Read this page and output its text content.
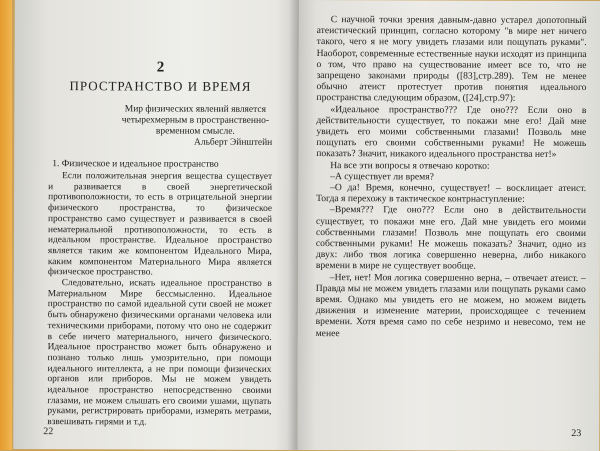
2

ПРОСТРАНСТВО И ВРЕМЯ

Мир физических явлений является четырехмерным в пространственно-временном смысле.
Альберт Эйнштейн
1. Физическое и идеальное пространство

Если положительная энергия вещества существует и развивается в своей энергетической противоположности, то есть в отрицательной энергии физического пространства, то физическое пространство само существует и развивается в своей нематериальной противоположности, то есть в идеальном пространстве. Идеальное пространство является таким же компонентом Идеального Мира, каким компонентом Материального Мира является физическое пространство.

Следовательно, искать идеальное пространство в Материальном Мире бессмысленно. Идеальное пространство по самой идеальной сути своей не может быть обнаружено физическими органами человека или техническими приборами, потому что оно не содержит в себе ничего материального, ничего физического. Идеальное пространство может быть обнаружено и познано только лишь умозрительно, при помощи идеального интеллекта, а не при помощи физических органов или приборов. Мы не можем увидеть идеальное пространство непосредственно своими глазами, не можем слышать его своими ушами, щупать руками, регистрировать приборами, измерять метрами, взвешивать гирями и т.д.

22

С научной точки зрения давным-давно устарел допотопный атеистический принцип, согласно которому "в мире нет ничего такого, чего я не могу увидеть глазами или пощупать руками". Наоборот, современные естественные науки исходят из принципа о том, что право на существование имеет все то, что не запрещено законами природы ([83],стр.289). Тем не менее обычно атеист протестует против понятия идеального пространства следующим образом, ([24],стр.97):

«Идеальное пространство??? Где оно??? Если оно в действительности существует, то покажи мне его! Дай мне увидеть его моими собственными глазами! Позволь мне пощупать его своими собственными руками! Не можешь показать? Значит, никакого идеального пространства нет!»

На все эти вопросы я отвечаю коротко:

–А существует ли время?

–О да! Время, конечно, существует! – восклицает атеист. Тогда я перехожу в тактическое контрнаступление:

–Время??? Где оно??? Если оно в действительности существует, то покажи мне его. Дай мне увидеть его моими собственными глазами! Позволь мне пощупать его своими собственными руками! Не можешь показать? Значит, одно из двух: либо твоя логика совершенно неверна, либо никакого времени в мире не существует вообще.

–Нет, нет! Моя логика совершенно верна, – отвечает атеист. – Правда мы не можем увидеть глазами или пощупать руками само время. Однако мы увидеть его не можем, но можем видеть движения и изменение материи, происходящее с течением времени. Хотя время само по себе незримо и невесомо, тем не менее

23
